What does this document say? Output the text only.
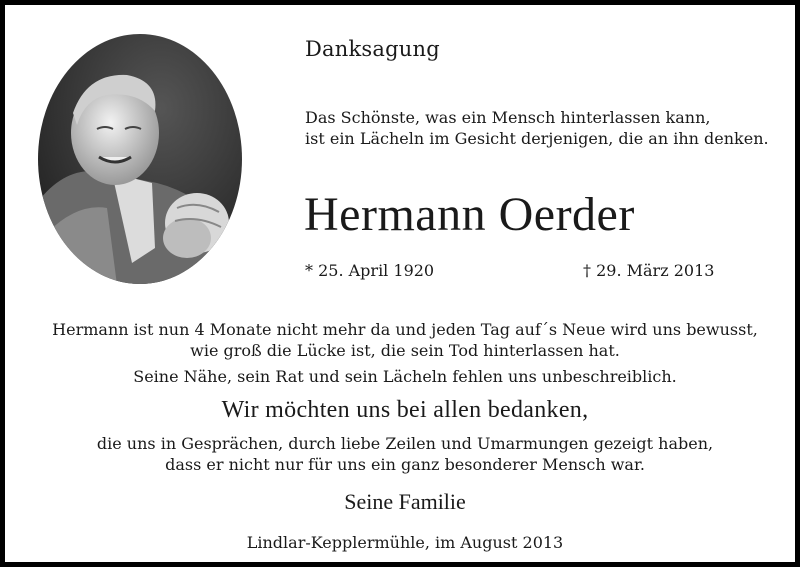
Danksagung
Das Schönste, was ein Mensch hinterlassen kann,
ist ein Lächeln im Gesicht derjenigen, die an ihn denken.
Hermann Oerder
* 25. April 1920	† 29. März 2013
Hermann ist nun 4 Monate nicht mehr da und jeden Tag auf´s Neue wird uns bewusst,
wie groß die Lücke ist, die sein Tod hinterlassen hat.
Seine Nähe, sein Rat und sein Lächeln fehlen uns unbeschreiblich.
Wir möchten uns bei allen bedanken,
die uns in Gesprächen, durch liebe Zeilen und Umarmungen gezeigt haben,
dass er nicht nur für uns ein ganz besonderer Mensch war.
Seine Familie
Lindlar-Kepplermühle, im August 2013
